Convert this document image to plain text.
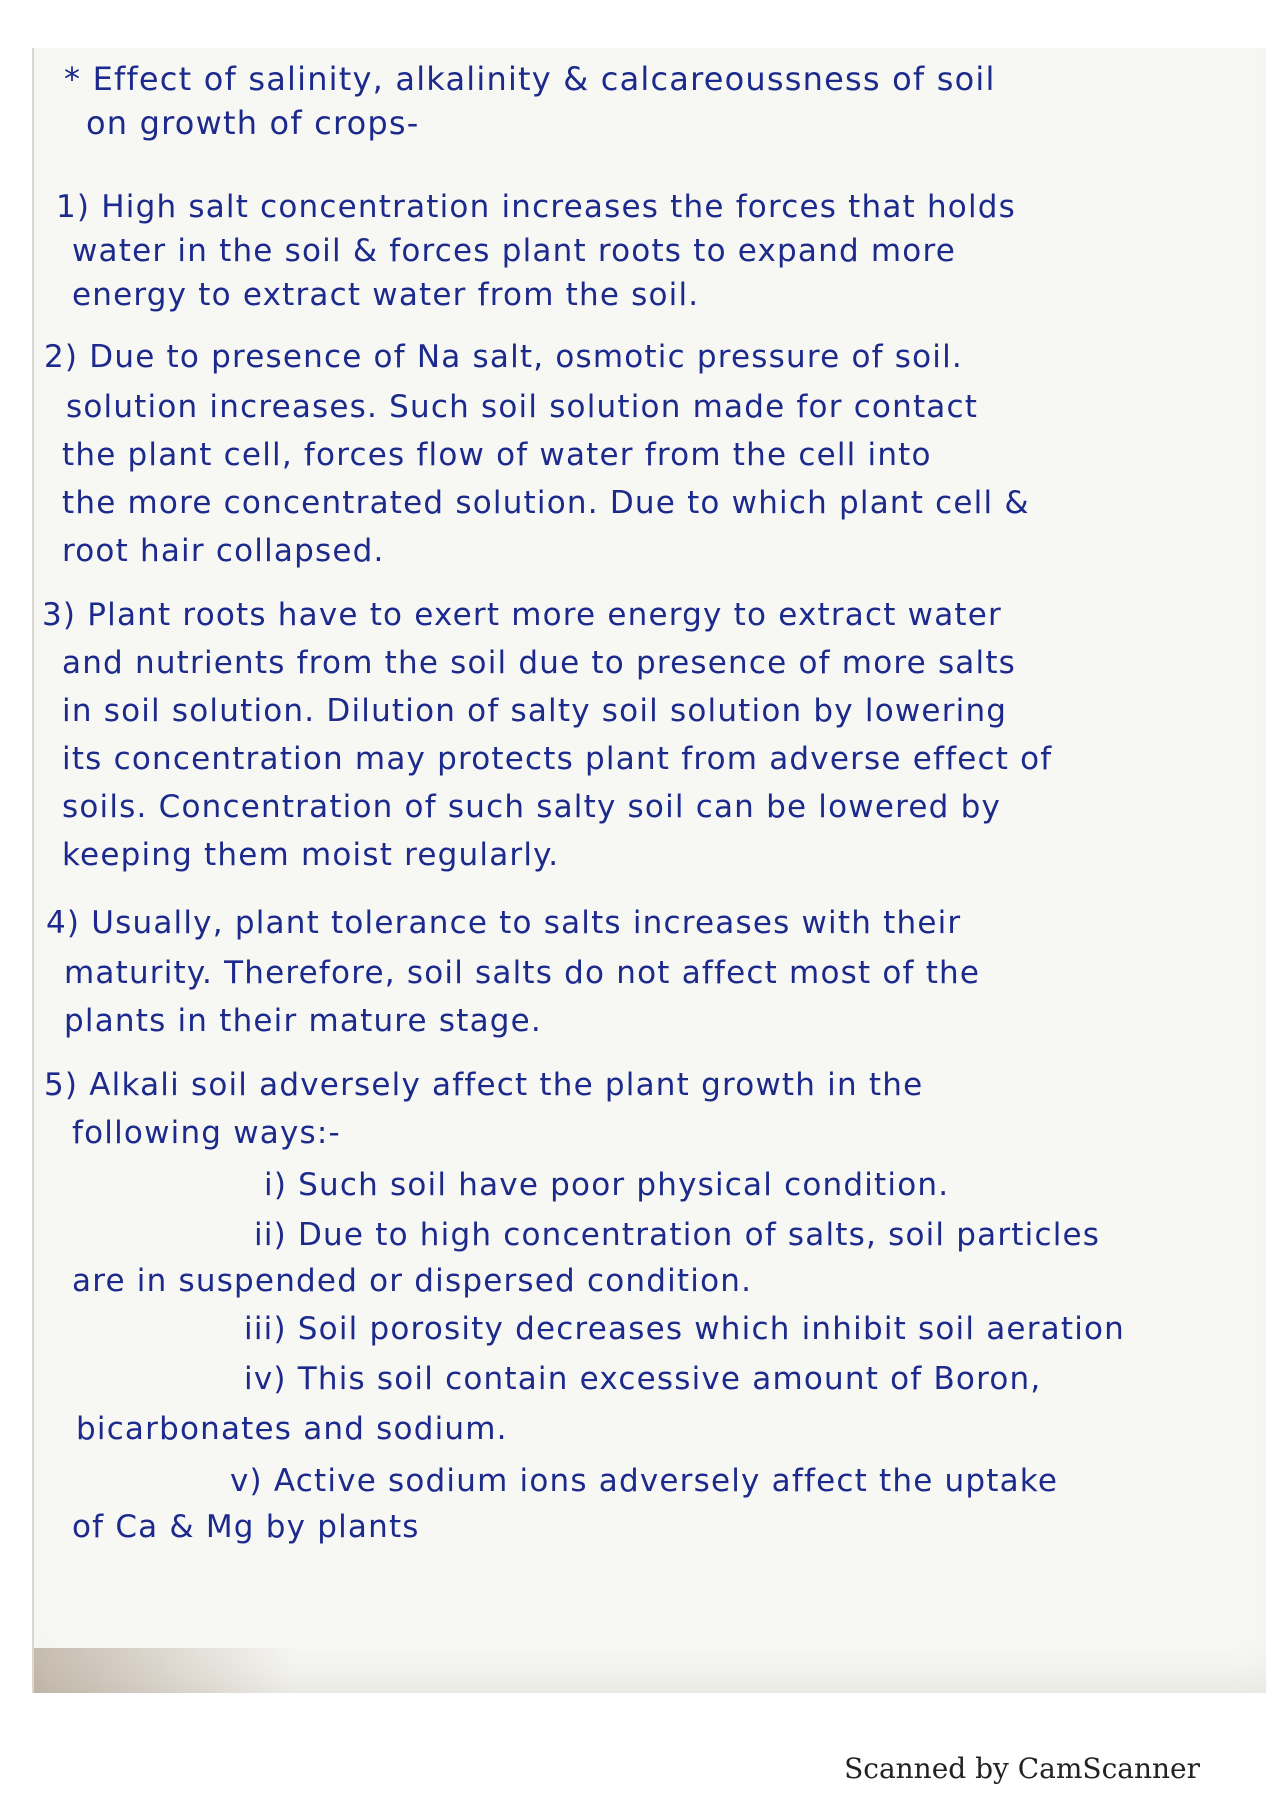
* Effect of salinity, alkalinity & calcareoussness of soil
on growth of crops-
1) High salt concentration increases the forces that holds
water in the soil & forces plant roots to expand more
energy to extract water from the soil.
2) Due to presence of Na salt, osmotic pressure of soil.
solution increases. Such soil solution made for contact
the plant cell, forces flow of water from the cell into
the more concentrated solution. Due to which plant cell &
root hair collapsed.
3) Plant roots have to exert more energy to extract water
and nutrients from the soil due to presence of more salts
in soil solution. Dilution of salty soil solution by lowering
its concentration may protects plant from adverse effect of
soils. Concentration of such salty soil can be lowered by
keeping them moist regularly.
4) Usually, plant tolerance to salts increases with their
maturity. Therefore, soil salts do not affect most of the
plants in their mature stage.
5) Alkali soil adversely affect the plant growth in the
following ways:-
i) Such soil have poor physical condition.
ii) Due to high concentration of salts, soil particles
are in suspended or dispersed condition.
iii) Soil porosity decreases which inhibit soil aeration
iv) This soil contain excessive amount of Boron,
bicarbonates and sodium.
v) Active sodium ions adversely affect the uptake
of Ca & Mg by plants
Scanned by CamScanner
